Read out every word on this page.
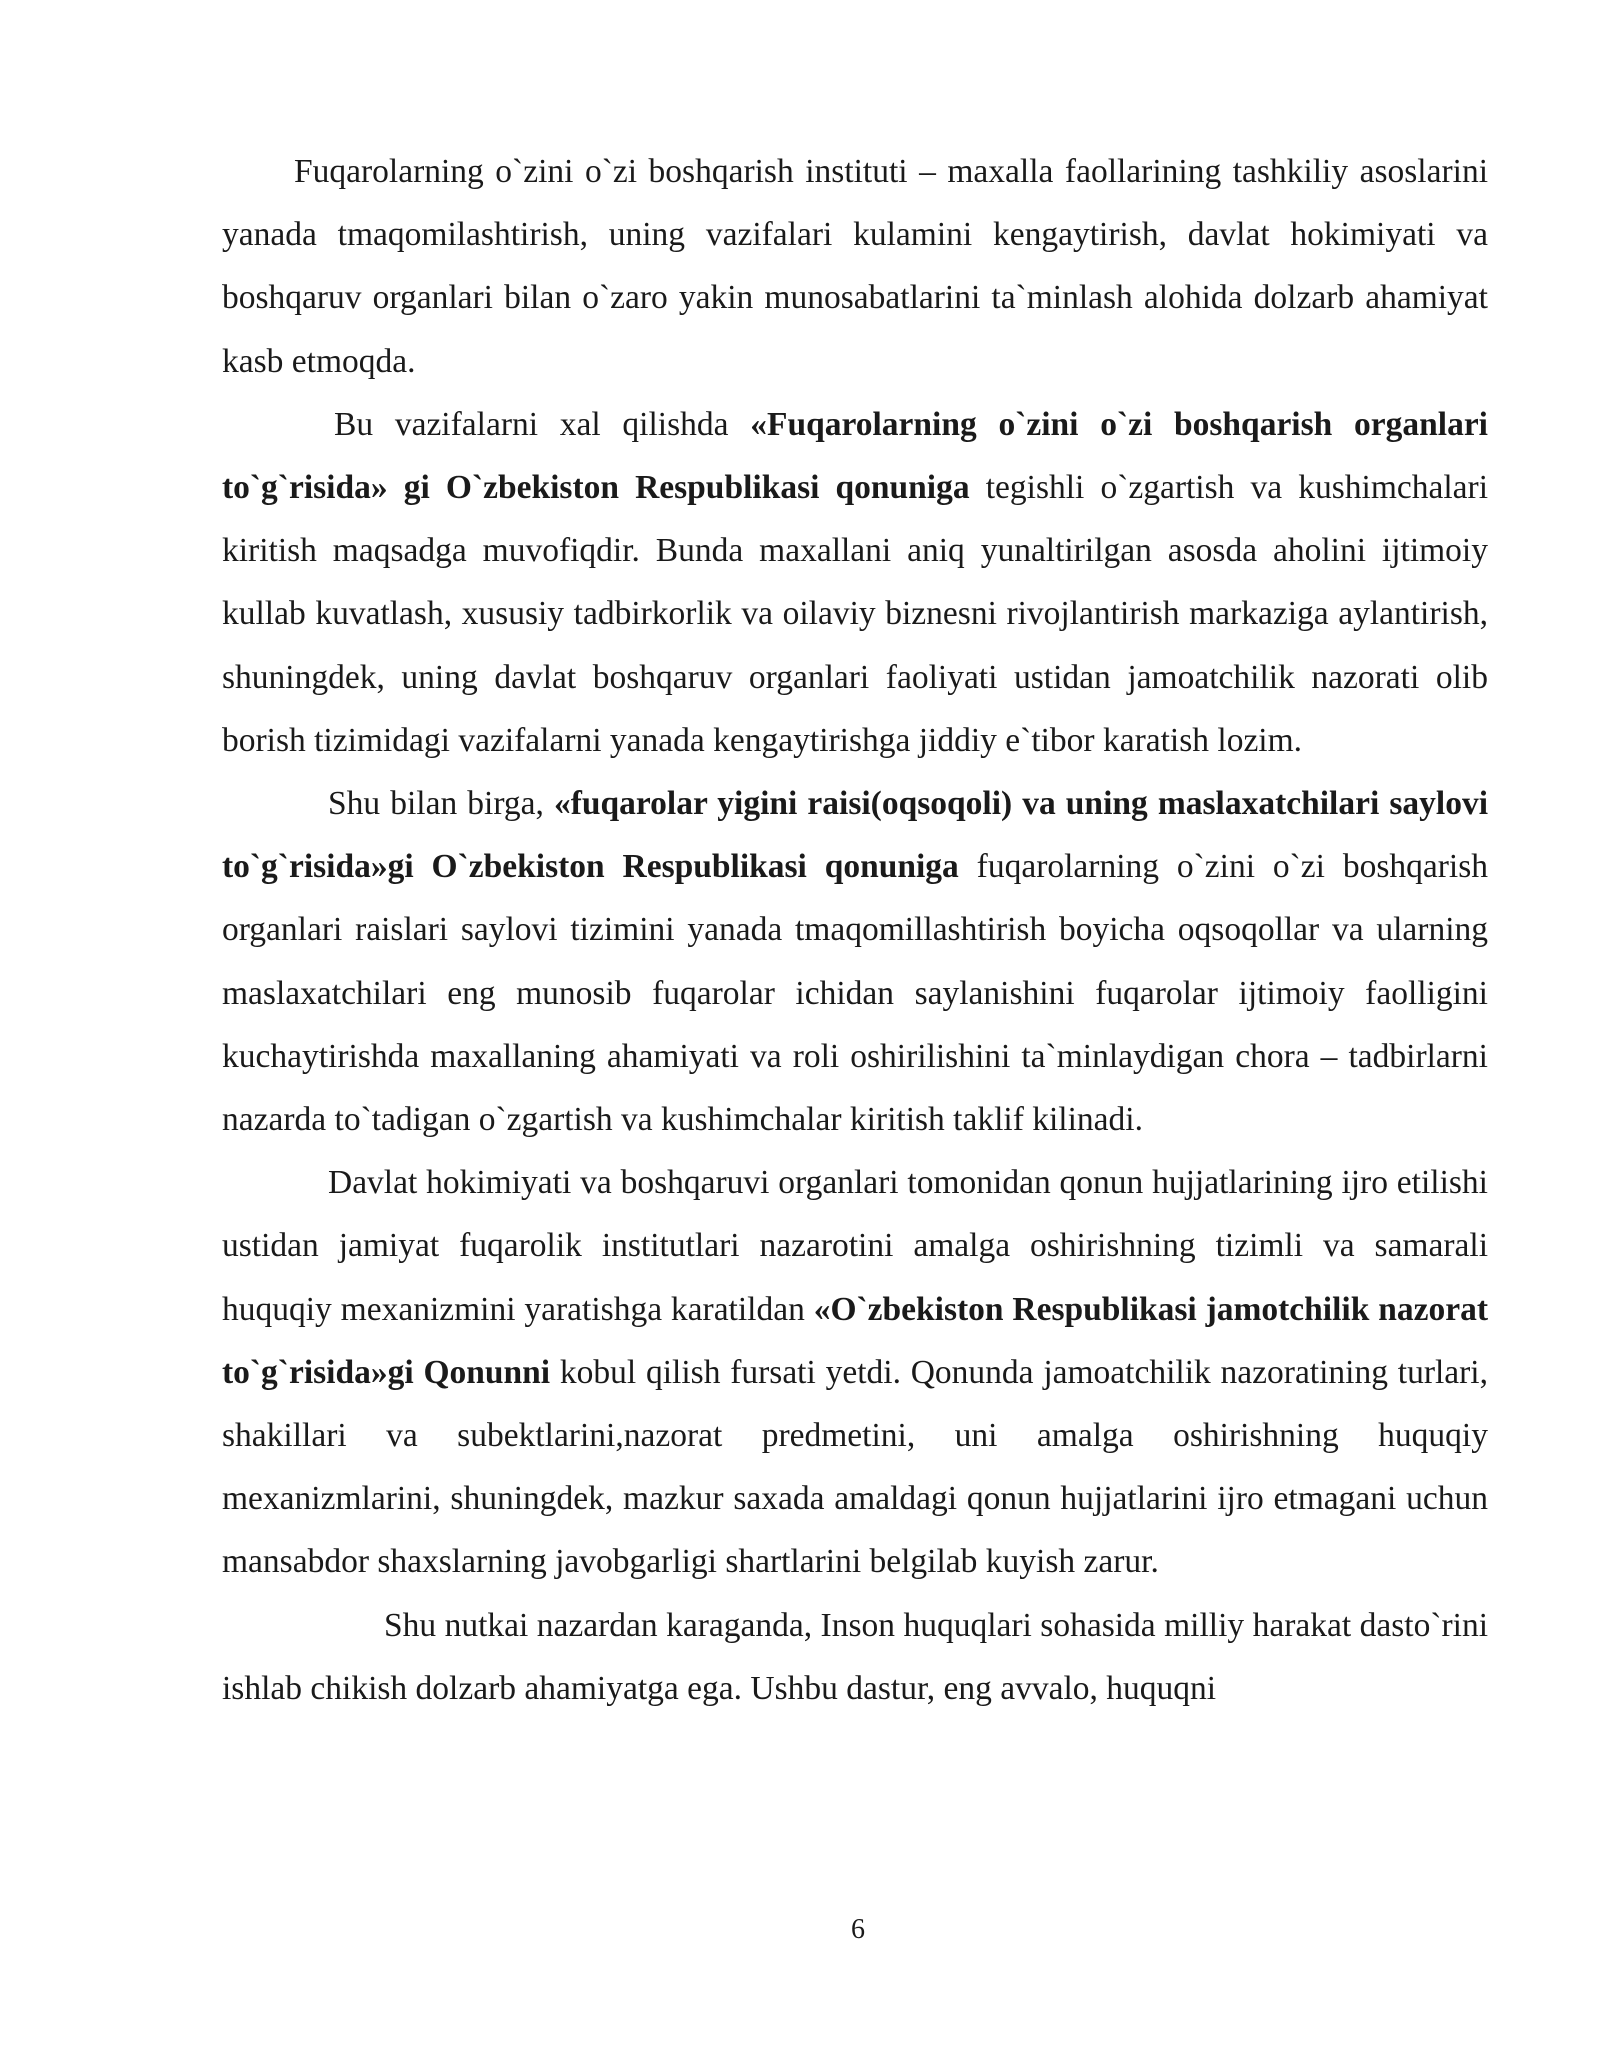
Fuqarolarning o`zini o`zi boshqarish instituti – maxalla faollarining tashkiliy asoslarini yanada tmaqomilashtirish, uning vazifalari kulamini kengaytirish, davlat hokimiyati va boshqaruv organlari bilan o`zaro yakin munosabatlarini ta`minlash alohida dolzarb ahamiyat kasb etmoqda.

Bu vazifalarni xal qilishda «Fuqarolarning o`zini o`zi boshqarish organlari to`g`risida» gi O`zbekiston Respublikasi qonuniga tegishli o`zgartish va kushimchalari kiritish maqsadga muvofiqdir. Bunda maxallani aniq yunaltirilgan asosda aholini ijtimoiy kullab kuvatlash, xususiy tadbirkorlik va oilaviy biznesni rivojlantirish markaziga aylantirish, shuningdek, uning davlat boshqaruv organlari faoliyati ustidan jamoatchilik nazorati olib borish tizimidagi vazifalarni yanada kengaytirishga jiddiy e`tibor karatish lozim.

Shu bilan birga, «fuqarolar yigini raisi(oqsoqoli) va uning maslaxatchilari saylovi to`g`risida»gi O`zbekiston Respublikasi qonuniga fuqarolarning o`zini o`zi boshqarish organlari raislari saylovi tizimini yanada tmaqomillashtirish boyicha oqsoqollar va ularning maslaxatchilari eng munosib fuqarolar ichidan saylanishini fuqarolar ijtimoiy faolligini kuchaytirishda maxallaning ahamiyati va roli oshirilishini ta`minlaydigan chora – tadbirlarni nazarda to`tadigan o`zgartish va kushimchalar kiritish taklif kilinadi.

Davlat hokimiyati va boshqaruvi organlari tomonidan qonun hujjatlarining ijro etilishi ustidan jamiyat fuqarolik institutlari nazarotini amalga oshirishning tizimli va samarali huquqiy mexanizmini yaratishga karatildan «O`zbekiston Respublikasi jamotchilik nazorat to`g`risida»gi Qonunni kobul qilish fursati yetdi. Qonunda jamoatchilik nazoratining turlari, shakillari va subektlarini,nazorat predmetini, uni amalga oshirishning huquqiy mexanizmlarini, shuningdek, mazkur saxada amaldagi qonun hujjatlarini ijro etmagani uchun mansabdor shaxslarning javobgarligi shartlarini belgilab kuyish zarur.

Shu nutkai nazardan karaganda, Inson huquqlari sohasida milliy harakat dasto`rini ishlab chikish dolzarb ahamiyatga ega. Ushbu dastur, eng avvalo, huquqni

6
